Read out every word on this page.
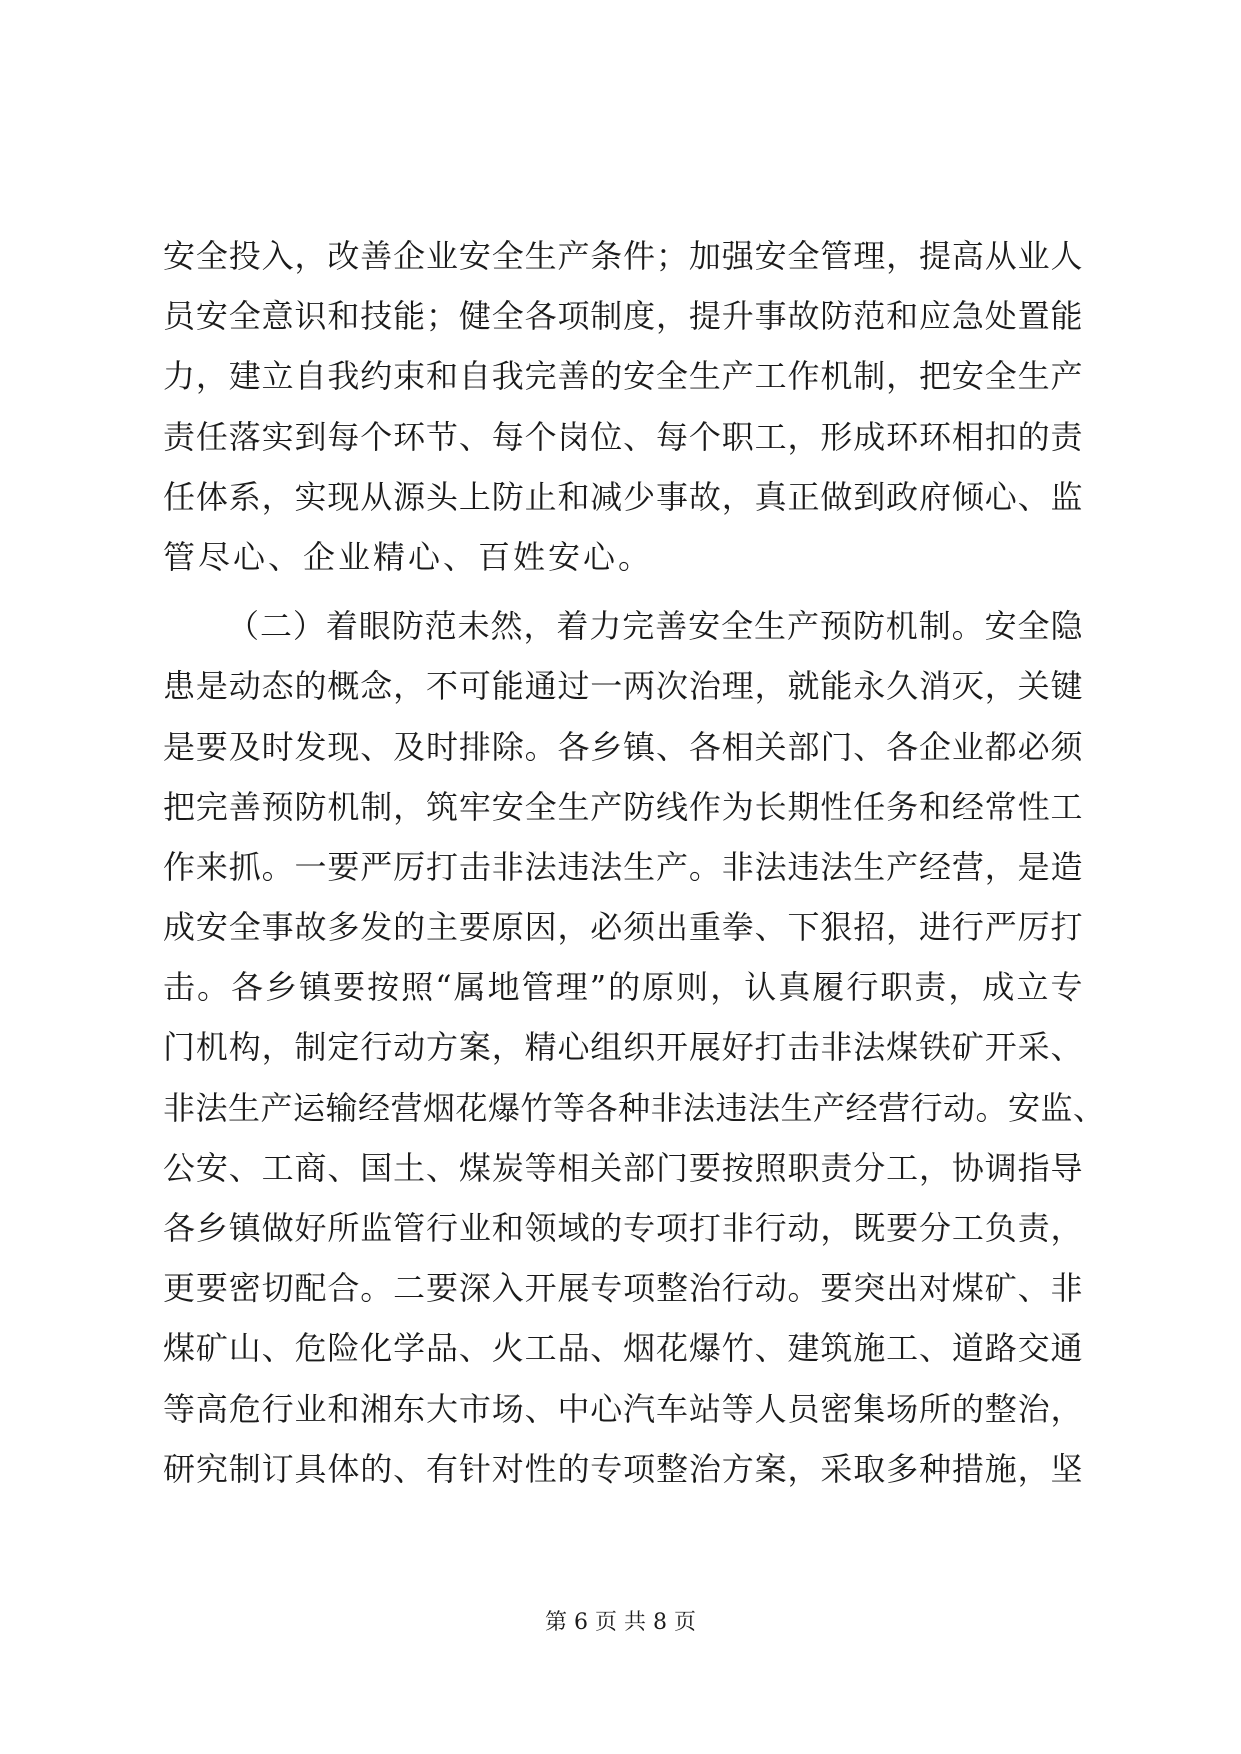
安全投入，改善企业安全生产条件；加强安全管理，提高从业人
员安全意识和技能；健全各项制度，提升事故防范和应急处置能
力，建立自我约束和自我完善的安全生产工作机制，把安全生产
责任落实到每个环节、每个岗位、每个职工，形成环环相扣的责
任体系，实现从源头上防止和减少事故，真正做到政府倾心、监
管尽心、企业精心、百姓安心。
（二）着眼防范未然，着力完善安全生产预防机制。安全隐
患是动态的概念，不可能通过一两次治理，就能永久消灭，关键
是要及时发现、及时排除。各乡镇、各相关部门、各企业都必须
把完善预防机制，筑牢安全生产防线作为长期性任务和经常性工
作来抓。一要严厉打击非法违法生产。非法违法生产经营，是造
成安全事故多发的主要原因，必须出重拳、下狠招，进行严厉打
击。各乡镇要按照“属地管理”的原则，认真履行职责，成立专
门机构，制定行动方案，精心组织开展好打击非法煤铁矿开采、
非法生产运输经营烟花爆竹等各种非法违法生产经营行动。安监、
公安、工商、国土、煤炭等相关部门要按照职责分工，协调指导
各乡镇做好所监管行业和领域的专项打非行动，既要分工负责，
更要密切配合。二要深入开展专项整治行动。要突出对煤矿、非
煤矿山、危险化学品、火工品、烟花爆竹、建筑施工、道路交通
等高危行业和湘东大市场、中心汽车站等人员密集场所的整治，
研究制订具体的、有针对性的专项整治方案，采取多种措施，坚
第 6 页 共 8 页
